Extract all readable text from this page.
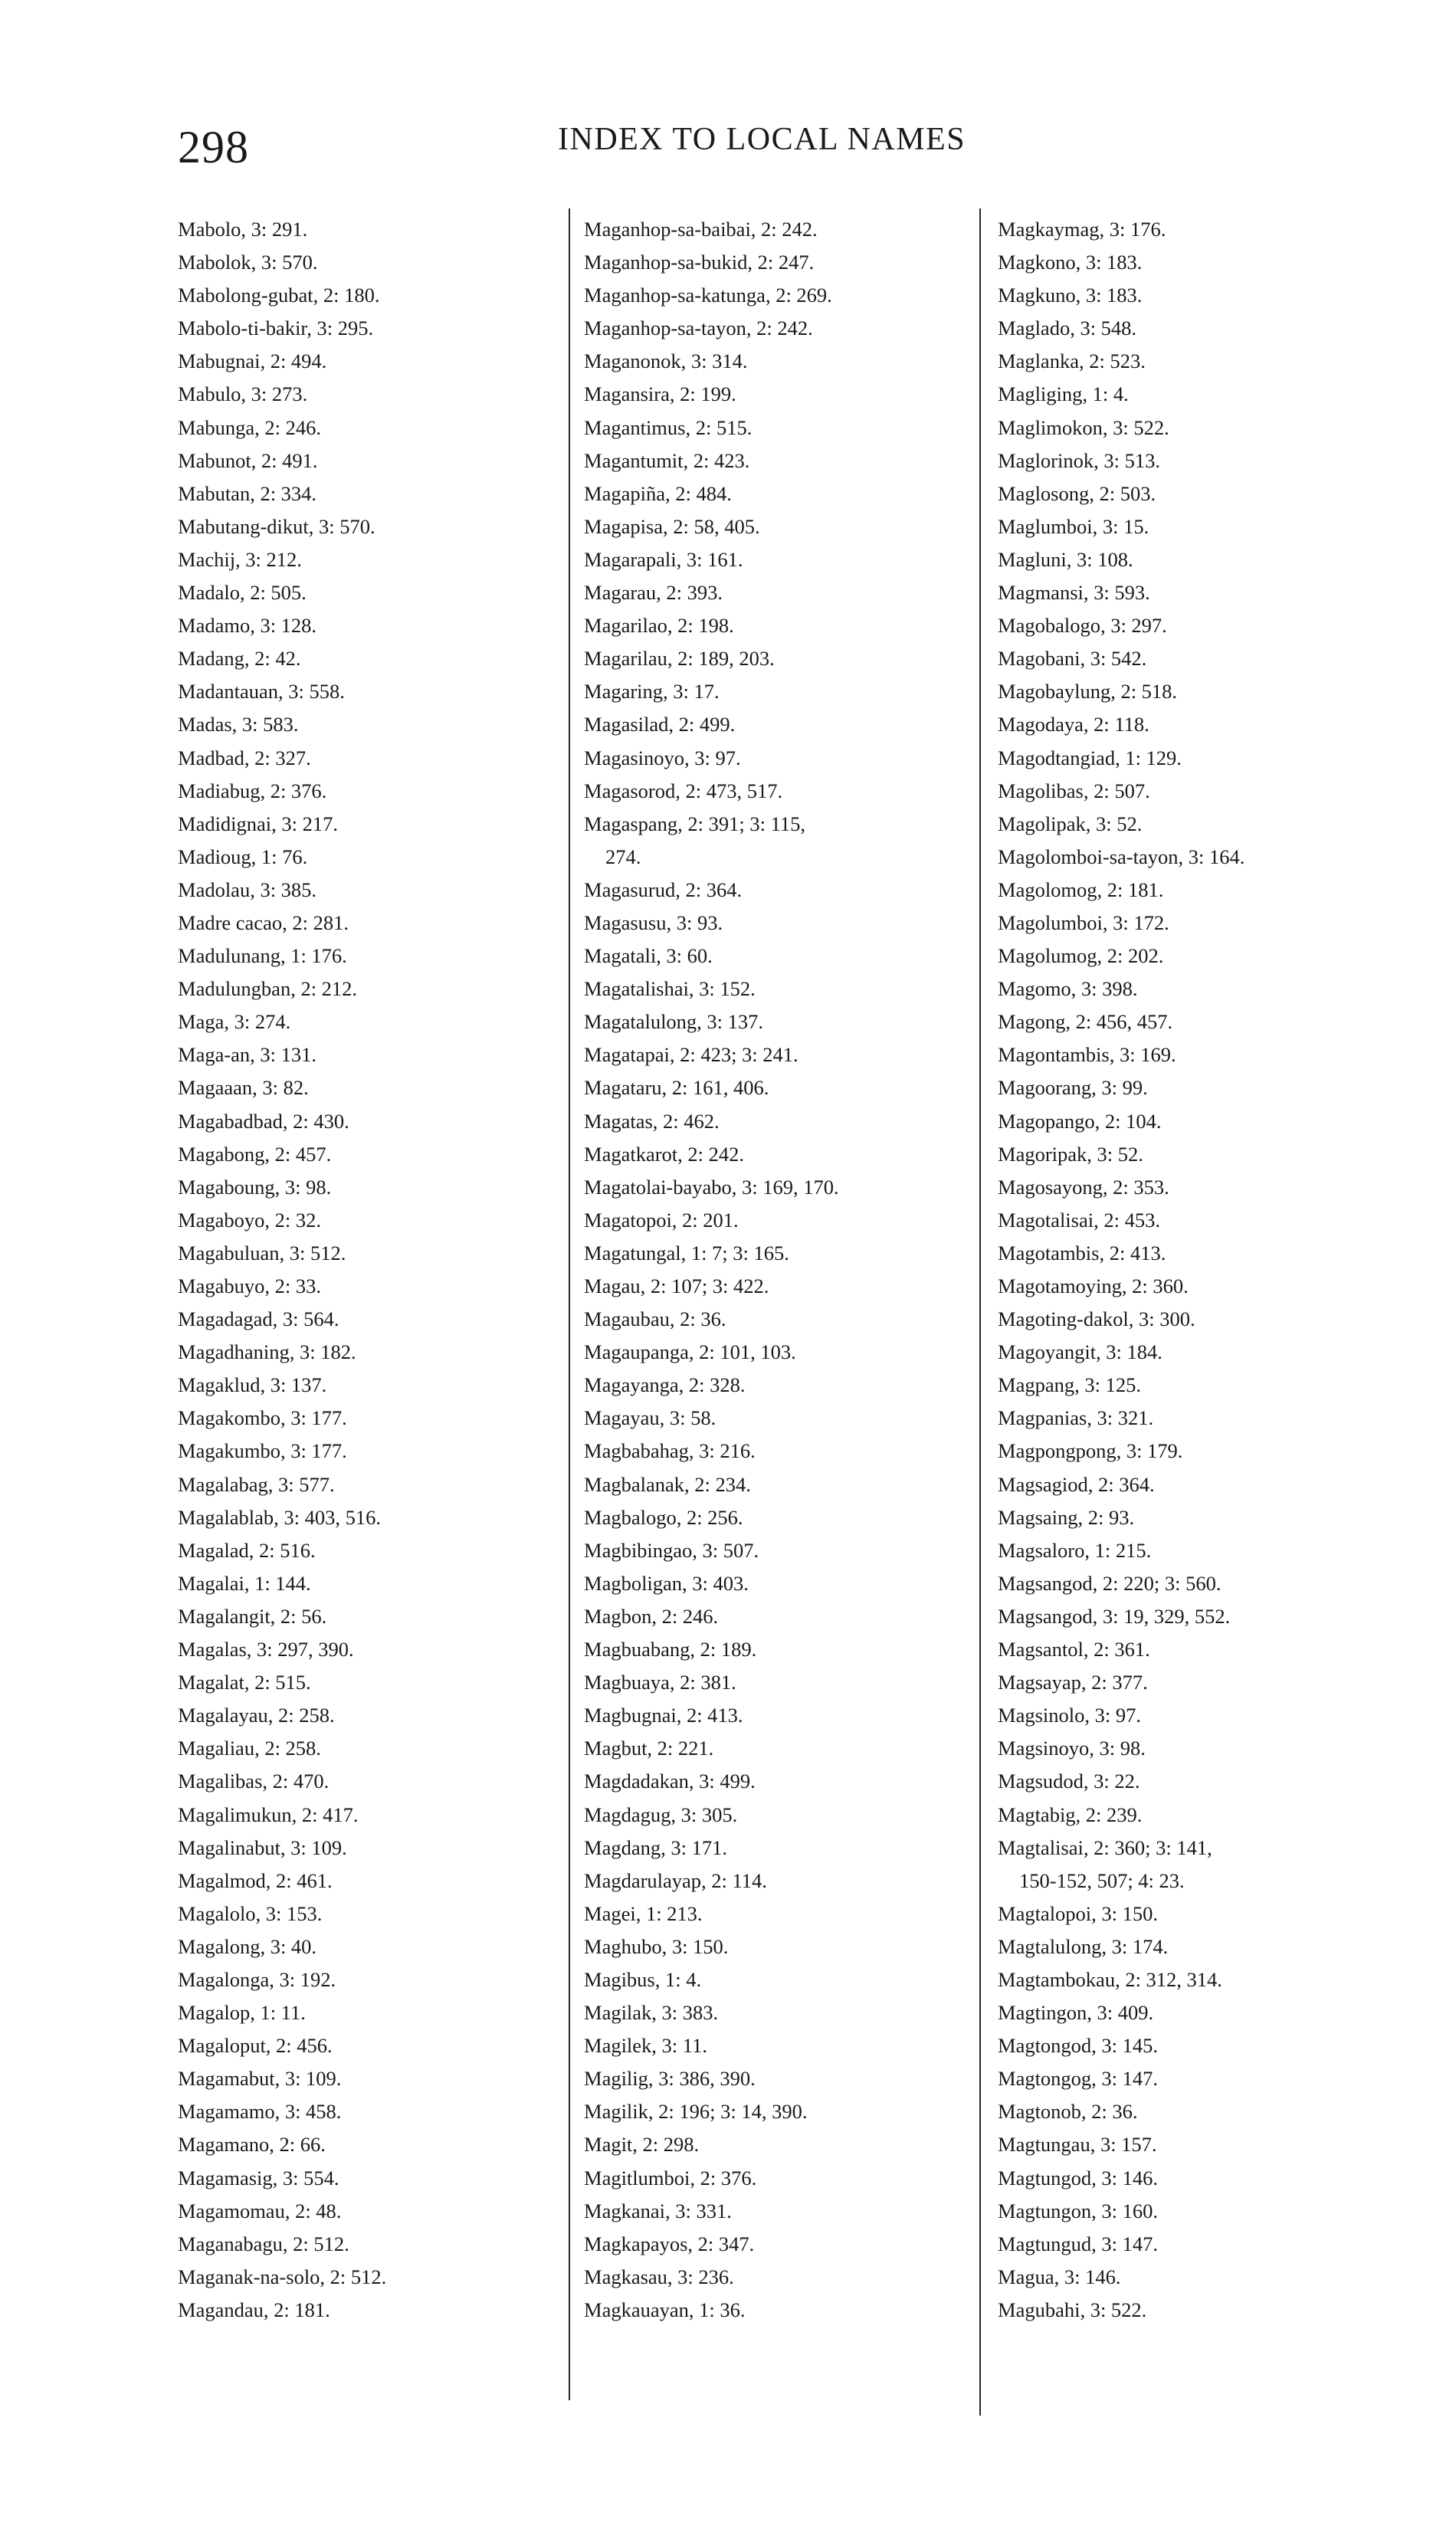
298	INDEX TO LOCAL NAMES
Mabolo, 3: 291.
Mabolok, 3: 570.
Mabolong-gubat, 2: 180.
Mabolo-ti-bakir, 3: 295.
Mabugnai, 2: 494.
Mabulo, 3: 273.
Mabunga, 2: 246.
Mabunot, 2: 491.
Mabutan, 2: 334.
Mabutang-dikut, 3: 570.
Machij, 3: 212.
Madalo, 2: 505.
Madamo, 3: 128.
Madang, 2: 42.
Madantauan, 3: 558.
Madas, 3: 583.
Madbad, 2: 327.
Madiabug, 2: 376.
Madidignai, 3: 217.
Madioug, 1: 76.
Madolau, 3: 385.
Madre cacao, 2: 281.
Madulunang, 1: 176.
Madulungban, 2: 212.
Maga, 3: 274.
Maga-an, 3: 131.
Magaaan, 3: 82.
Magabadbad, 2: 430.
Magabong, 2: 457.
Magaboung, 3: 98.
Magaboyo, 2: 32.
Magabuluan, 3: 512.
Magabuyo, 2: 33.
Magadagad, 3: 564.
Magadhaning, 3: 182.
Magaklud, 3: 137.
Magakombo, 3: 177.
Magakumbo, 3: 177.
Magalabag, 3: 577.
Magalablab, 3: 403, 516.
Magalad, 2: 516.
Magalai, 1: 144.
Magalangit, 2: 56.
Magalas, 3: 297, 390.
Magalat, 2: 515.
Magalayau, 2: 258.
Magaliau, 2: 258.
Magalibas, 2: 470.
Magalimukun, 2: 417.
Magalinabut, 3: 109.
Magalmod, 2: 461.
Magalolo, 3: 153.
Magalong, 3: 40.
Magalonga, 3: 192.
Magalop, 1: 11.
Magaloput, 2: 456.
Magamabut, 3: 109.
Magamamo, 3: 458.
Magamano, 2: 66.
Magamasig, 3: 554.
Magamomau, 2: 48.
Maganabagu, 2: 512.
Maganak-na-solo, 2: 512.
Magandau, 2: 181.
Maganhop-sa-baibai, 2: 242.
Maganhop-sa-bukid, 2: 247.
Maganhop-sa-katunga, 2: 269.
Maganhop-sa-tayon, 2: 242.
Maganonok, 3: 314.
Magansira, 2: 199.
Magantimus, 2: 515.
Magantumit, 2: 423.
Magapiña, 2: 484.
Magapisa, 2: 58, 405.
Magarapali, 3: 161.
Magarau, 2: 393.
Magarilao, 2: 198.
Magarilau, 2: 189, 203.
Magaring, 3: 17.
Magasilad, 2: 499.
Magasinoyo, 3: 97.
Magasorod, 2: 473, 517.
Magaspang, 2: 391; 3: 115,
274.
Magasurud, 2: 364.
Magasusu, 3: 93.
Magatali, 3: 60.
Magatalishai, 3: 152.
Magatalulong, 3: 137.
Magatapai, 2: 423; 3: 241.
Magataru, 2: 161, 406.
Magatas, 2: 462.
Magatkarot, 2: 242.
Magatolai-bayabo, 3: 169, 170.
Magatopoi, 2: 201.
Magatungal, 1: 7; 3: 165.
Magau, 2: 107; 3: 422.
Magaubau, 2: 36.
Magaupanga, 2: 101, 103.
Magayanga, 2: 328.
Magayau, 3: 58.
Magbabahag, 3: 216.
Magbalanak, 2: 234.
Magbalogo, 2: 256.
Magbibingao, 3: 507.
Magboligan, 3: 403.
Magbon, 2: 246.
Magbuabang, 2: 189.
Magbuaya, 2: 381.
Magbugnai, 2: 413.
Magbut, 2: 221.
Magdadakan, 3: 499.
Magdagug, 3: 305.
Magdang, 3: 171.
Magdarulayap, 2: 114.
Magei, 1: 213.
Maghubo, 3: 150.
Magibus, 1: 4.
Magilak, 3: 383.
Magilek, 3: 11.
Magilig, 3: 386, 390.
Magilik, 2: 196; 3: 14, 390.
Magit, 2: 298.
Magitlumboi, 2: 376.
Magkanai, 3: 331.
Magkapayos, 2: 347.
Magkasau, 3: 236.
Magkauayan, 1: 36.
Magkaymag, 3: 176.
Magkono, 3: 183.
Magkuno, 3: 183.
Maglado, 3: 548.
Maglanka, 2: 523.
Magliging, 1: 4.
Maglimokon, 3: 522.
Maglorinok, 3: 513.
Maglosong, 2: 503.
Maglumboi, 3: 15.
Magluni, 3: 108.
Magmansi, 3: 593.
Magobalogo, 3: 297.
Magobani, 3: 542.
Magobaylung, 2: 518.
Magodaya, 2: 118.
Magodtangiad, 1: 129.
Magolibas, 2: 507.
Magolipak, 3: 52.
Magolomboi-sa-tayon, 3: 164.
Magolomog, 2: 181.
Magolumboi, 3: 172.
Magolumog, 2: 202.
Magomo, 3: 398.
Magong, 2: 456, 457.
Magontambis, 3: 169.
Magoorang, 3: 99.
Magopango, 2: 104.
Magoripak, 3: 52.
Magosayong, 2: 353.
Magotalisai, 2: 453.
Magotambis, 2: 413.
Magotamoying, 2: 360.
Magoting-dakol, 3: 300.
Magoyangit, 3: 184.
Magpang, 3: 125.
Magpanias, 3: 321.
Magpongpong, 3: 179.
Magsagiod, 2: 364.
Magsaing, 2: 93.
Magsaloro, 1: 215.
Magsangod, 2: 220; 3: 560.
Magsangod, 3: 19, 329, 552.
Magsantol, 2: 361.
Magsayap, 2: 377.
Magsinolo, 3: 97.
Magsinoyo, 3: 98.
Magsudod, 3: 22.
Magtabig, 2: 239.
Magtalisai, 2: 360; 3: 141,
150-152, 507; 4: 23.
Magtalopoi, 3: 150.
Magtalulong, 3: 174.
Magtambokau, 2: 312, 314.
Magtingon, 3: 409.
Magtongod, 3: 145.
Magtongog, 3: 147.
Magtonob, 2: 36.
Magtungau, 3: 157.
Magtungod, 3: 146.
Magtungon, 3: 160.
Magtungud, 3: 147.
Magua, 3: 146.
Magubahi, 3: 522.
